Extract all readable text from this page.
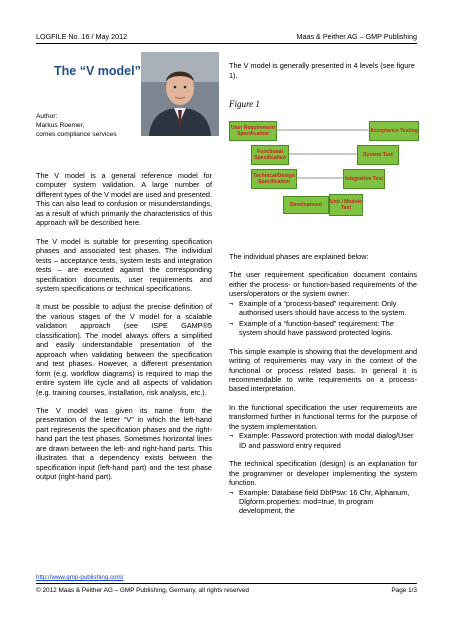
LOGFILE No. 16 / May 2012	Maas & Peither AG – GMP Publishing
The “V model”
Author:
Markus Roemer,
comes compliance services
The V model is generally presented in 4 levels (see figure 1).
Figure 1
User Requirement Specification
Acceptance Testing
Functional Specification
System Test
Technical/Design Specification
Integration Test
Development
Unit / Module Test

The V model is a general reference model for computer system validation. A large number of different types of the V model are used and presented. This can also lead to confusion or misunderstandings, as a result of which primarily the characteristics of this approach will be described here.

The V model is suitable for presenting specification phases and associated test phases. The individual tests – acceptance tests, system tests and integration tests – are executed against the corresponding specification documents, user requirements and system specifications or technical specifications.

It must be possible to adjust the precise definition of the various stages of the V model for a scalable validation approach (see ISPE GAMP®5 classification). The model always offers a simplified and easily understandable presentation of the approach when validating between the specification and test phases. However, a different presentation form (e.g. workflow diagrams) is required to map the entire system life cycle and all aspects of validation (e.g. training courses, installation, risk analysis, etc.).

The V model was given its name from the presentation of the letter “V” in which the left-hand part represents the specification phases and the right-hand part the test phases. Sometimes horizontal lines are drawn between the left- and right-hand parts. This illustrates that a dependency exists between the specification input (left-hand part) and the test phase output (right-hand part).

The individual phases are explained below:

The user requirement specification document contains either the process- or function-based requirements of the users/operators or the system owner:

¬ Example of a “process-based” requirement: Only authorised users should have access to the system.
¬ Example of a “function-based” requirement: The system should have password protected logins.

This simple example is showing that the development and writing of requirements may vary in the context of the functional or process related basis. In general it is recommendable to write requirements on a process-based interpretation.

In the functional specification the user requirements are transformed further in functional terms for the purpose of the system implementation.

¬ Example: Password protection with modal dialog/User ID and password entry required

The technical specification (design) is an explanation for the programmer or developer implementing the system function.

¬ Example: Database field DbfPsw: 16 Chr, Alphanum, Dlgform.properties: mod=true, In program development, the
http://www.gmp-publishing.com/
© 2012 Maas & Peither AG – GMP Publishing, Germany, all rights reserved	Page 1/3
